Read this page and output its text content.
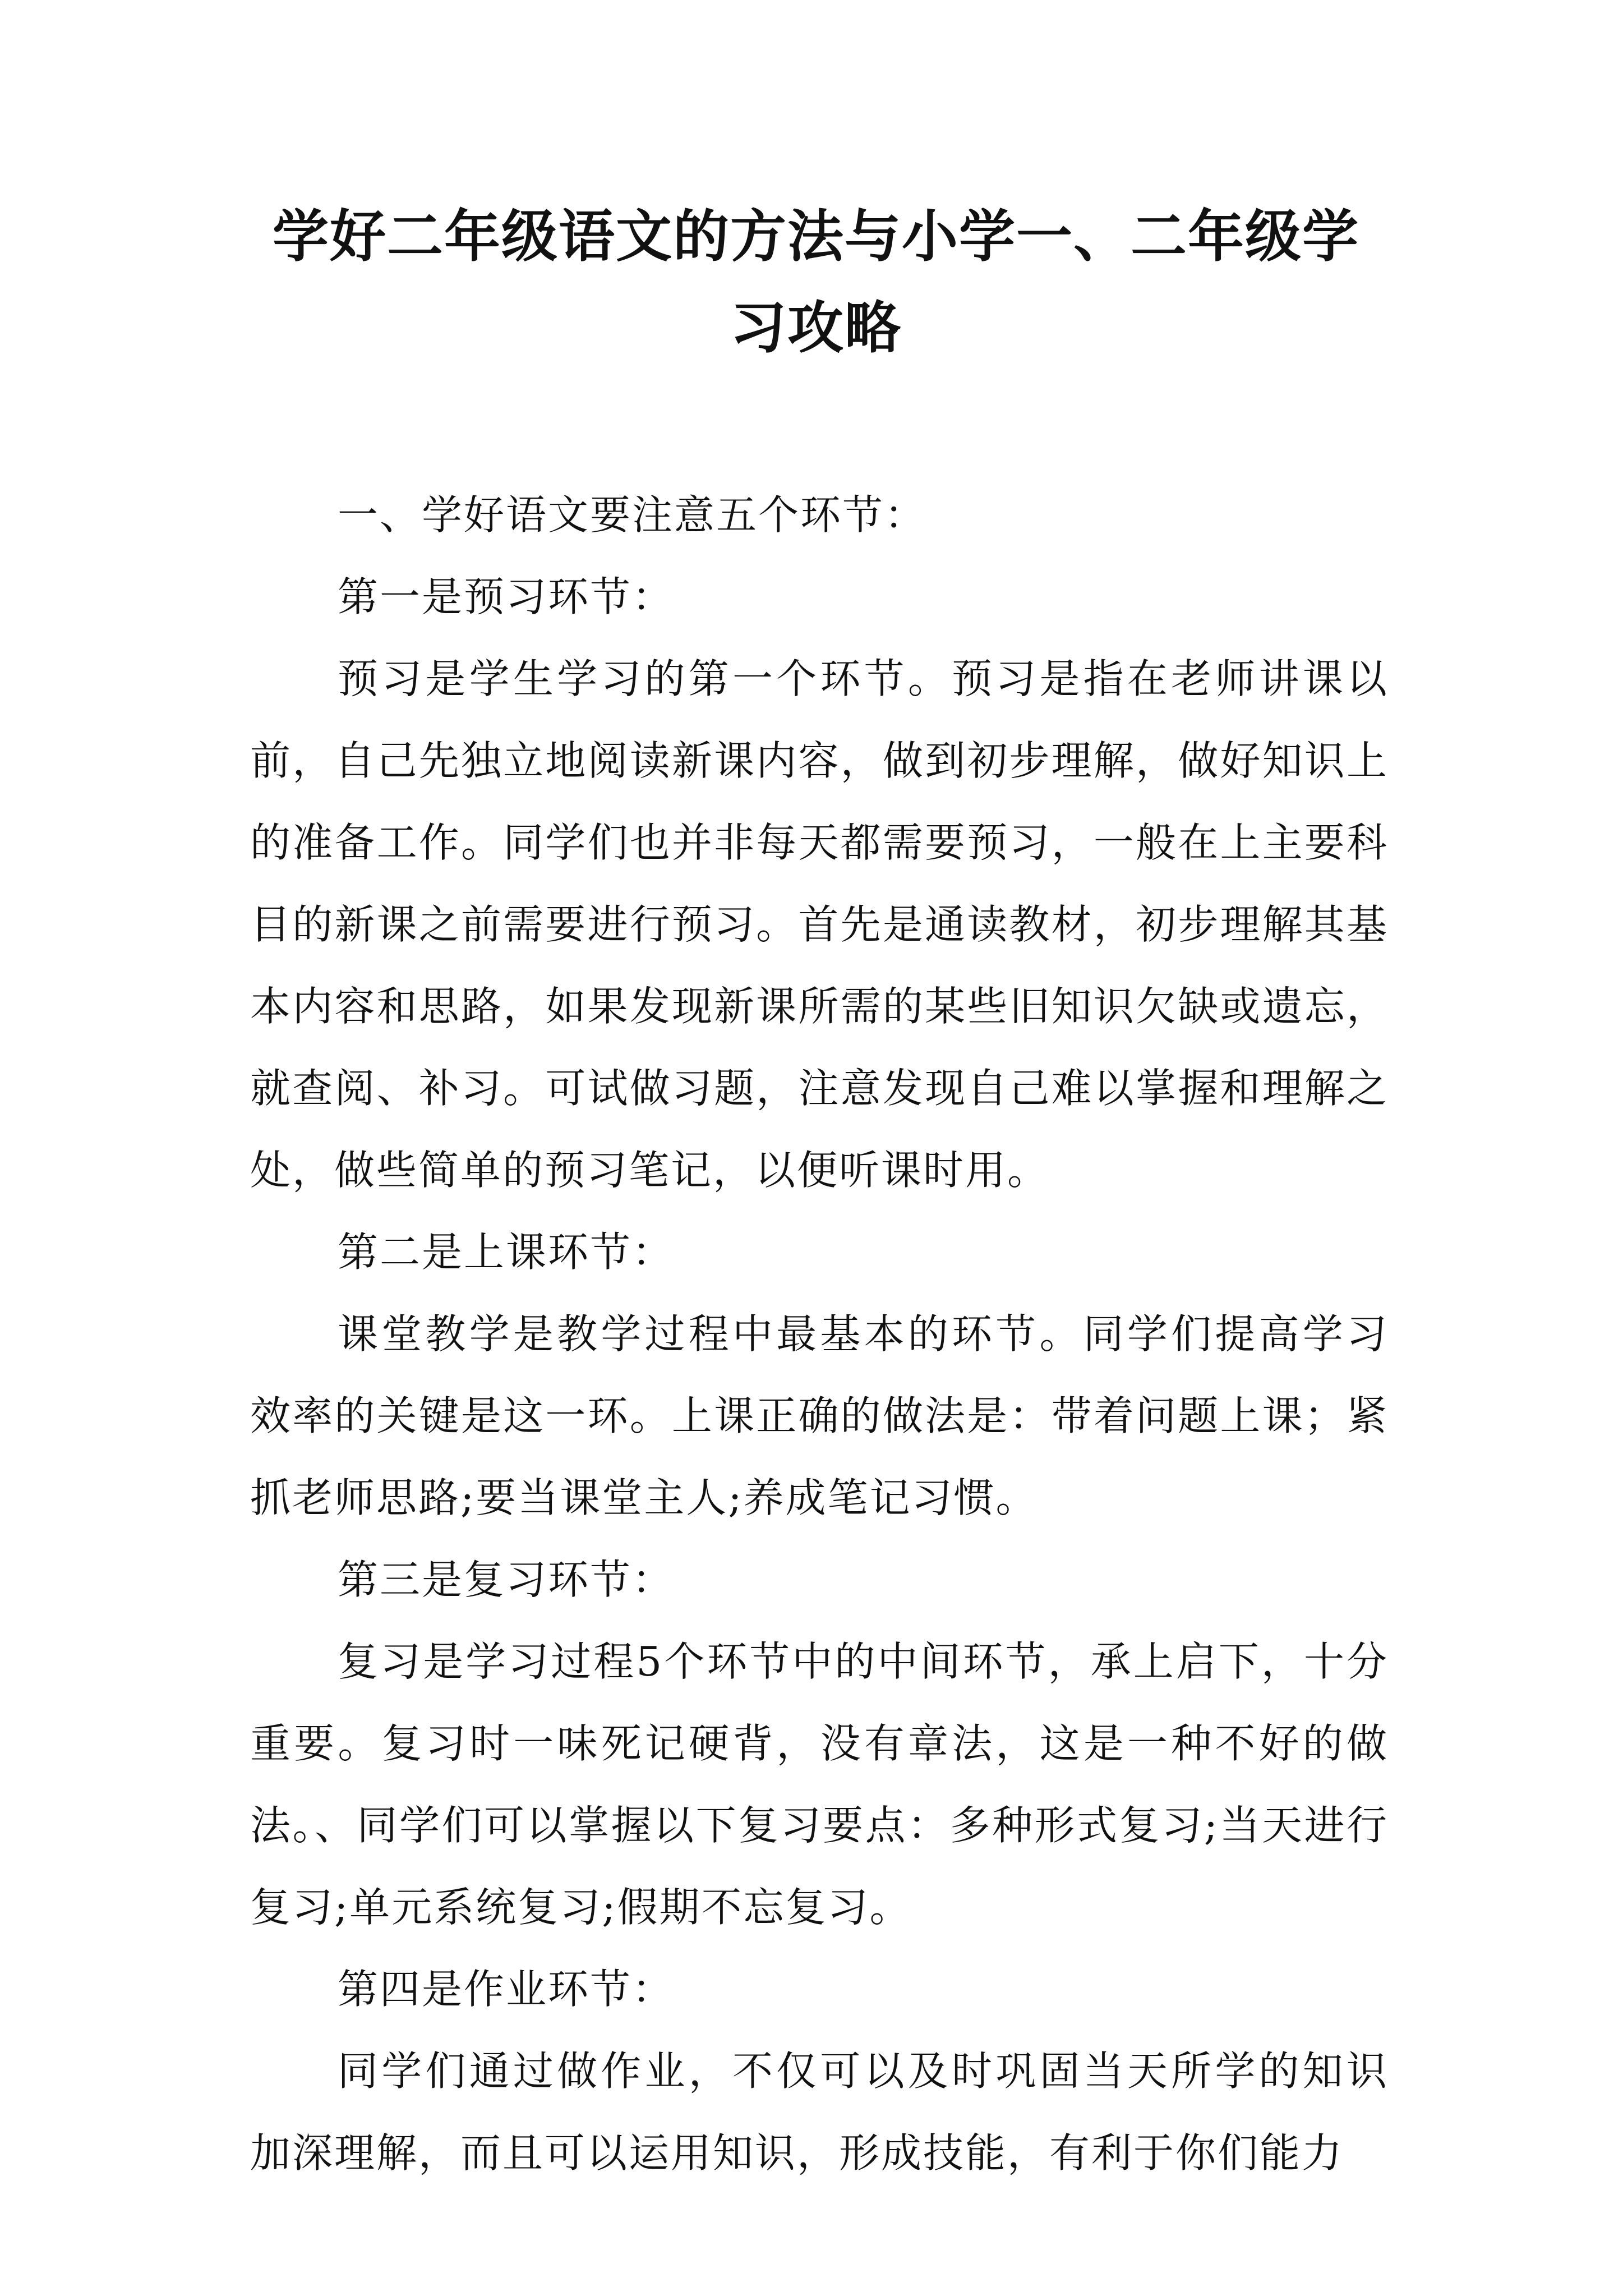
学好二年级语文的方法与小学一、二年级学习攻略

一、学好语文要注意五个环节：

第一是预习环节：

预习是学生学习的第一个环节。预习是指在老师讲课以前，自己先独立地阅读新课内容，做到初步理解，做好知识上的准备工作。同学们也并非每天都需要预习，一般在上主要科目的新课之前需要进行预习。首先是通读教材，初步理解其基本内容和思路，如果发现新课所需的某些旧知识欠缺或遗忘，就查阅、补习。可试做习题，注意发现自己难以掌握和理解之处，做些简单的预习笔记，以便听课时用。

第二是上课环节：

课堂教学是教学过程中最基本的环节。同学们提高学习效率的关键是这一环。上课正确的做法是：带着问题上课；紧抓老师思路;要当课堂主人;养成笔记习惯。

第三是复习环节：

复习是学习过程5个环节中的中间环节，承上启下，十分重要。复习时一味死记硬背，没有章法，这是一种不好的做法。、同学们可以掌握以下复习要点：多种形式复习;当天进行复习;单元系统复习;假期不忘复习。

第四是作业环节：

同学们通过做作业，不仅可以及时巩固当天所学的知识加深理解，而且可以运用知识，形成技能，有利于你们能力
